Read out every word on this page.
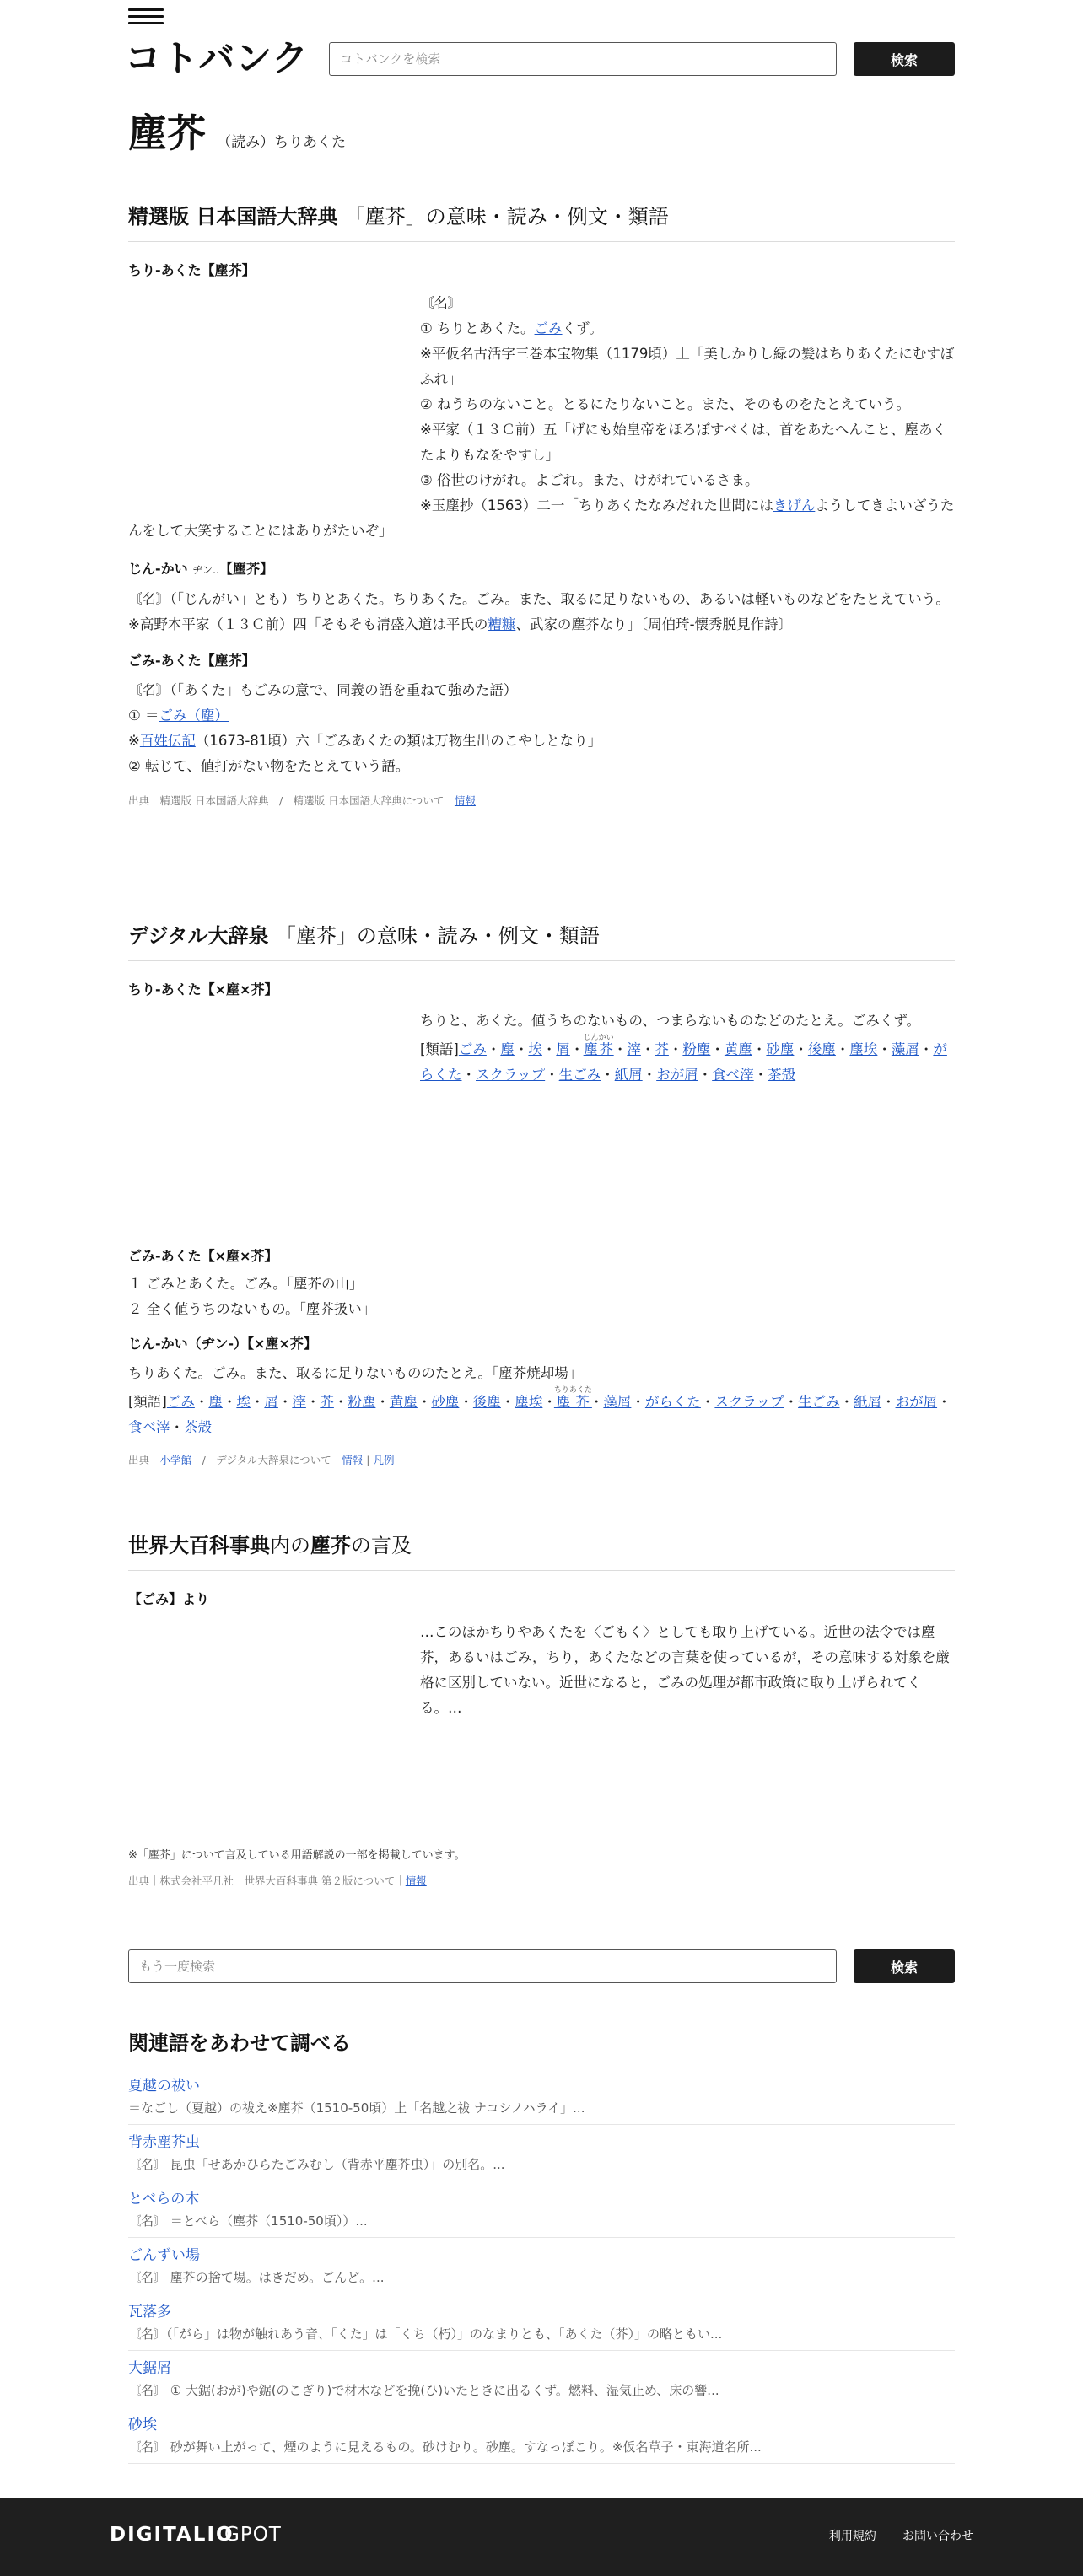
コトバンク
コトバンクを検索	検索
塵芥 （読み）ちりあくた
精選版 日本国語大辞典 「塵芥」の意味・読み・例文・類語

ちり‐あくた【塵芥】

〘名〙

① ちりとあくた。ごみくず。

※平仮名古活字三巻本宝物集（1179頃）上「美しかりし緑の髪はちりあくたにむすぼふれ」

② ねうちのないこと。とるにたりないこと。また、そのものをたとえていう。

※平家（１３Ｃ前）五「げにも始皇帝をほろぼすべくは、首をあたへんこと、塵あくたよりもなをやすし」

③ 俗世のけがれ。よごれ。また、けがれているさま。

※玉塵抄（1563）二一「ちりあくたなみだれた世間にはきげんようしてきよいざうたんをして大笑することにはありがたいぞ」

じん‐かい ヂン‥【塵芥】

〘名〙（「じんがい」とも）ちりとあくた。ちりあくた。ごみ。また、取るに足りないもの、あるいは軽いものなどをたとえていう。

※高野本平家（１３Ｃ前）四「そもそも清盛入道は平氏の糟糠、武家の塵芥なり」〔周伯琦‐懐秀脱見作詩〕

ごみ‐あくた【塵芥】

〘名〙（「あくた」もごみの意で、同義の語を重ねて強めた語）

① ＝ごみ（塵）

※百姓伝記（1673‐81頃）六「ごみあくたの類は万物生出のこやしとなり」

② 転じて、値打がない物をたとえていう語。

出典　精選版 日本国語大辞典　/　精選版 日本国語大辞典について　 情報
デジタル大辞泉 「塵芥」の意味・読み・例文・類語

ちり‐あくた【×塵×芥】

ちりと、あくた。値うちのないもの、つまらないものなどのたとえ。ごみくず。

[類語]ごみ・塵・埃・屑・塵芥じんかい・滓・芥・粉塵・黄塵・砂塵・後塵・塵埃・藻屑・がらくた・スクラップ・生ごみ・紙屑・おが屑・食べ滓・茶殻

ごみ‐あくた【×塵×芥】

１ ごみとあくた。ごみ。「塵芥の山」

２ 全く値うちのないもの。「塵芥扱い」

じん‐かい（ヂン‐）【×塵×芥】

ちりあくた。ごみ。また、取るに足りないもののたとえ。「塵芥焼却場」

[類語]ごみ・塵・埃・屑・滓・芥・粉塵・黄塵・砂塵・後塵・塵埃・塵芥ちりあくた・藻屑・がらくた・スクラップ・生ごみ・紙屑・おが屑・食べ滓・茶殻

出典　 小学館　 /　デジタル大辞泉について　 情報 | 凡例
世界大百科事典内の塵芥の言及

【ごみ】より

…このほかちりやあくたを〈ごもく〉としても取り上げている。近世の法令では塵芥，あるいはごみ，ちり，あくたなどの言葉を使っているが，その意味する対象を厳格に区別していない。近世になると，ごみの処理が都市政策に取り上げられてくる。…

※「塵芥」について言及している用語解説の一部を掲載しています。
出典｜株式会社平凡社　世界大百科事典 第２版について｜情報
もう一度検索
検索
関連語をあわせて調べる
夏越の祓い
＝なごし（夏越）の祓え※塵芥（1510‐50頃）上「名越之祓 ナコシノハライ」...
背赤塵芥虫
〘名〙 昆虫「せあかひらたごみむし（背赤平塵芥虫）」の別名。...
とべらの木
〘名〙 ＝とべら（塵芥（1510‐50頃））...
ごんずい場
〘名〙 塵芥の捨て場。はきだめ。ごんど。...
瓦落多
〘名〙（「がら」は物が触れあう音、「くた」は「くち（朽）」のなまりとも、「あくた（芥）」の略ともい...
大鋸屑
〘名〙 ① 大鋸(おが)や鋸(のこぎり)で材木などを挽(ひ)いたときに出るくず。燃料、湿気止め、床の響...
砂埃
〘名〙 砂が舞い上がって、煙のように見えるもの。砂けむり。砂塵。すなっぼこり。※仮名草子・東海道名所...
DIGITALIO
GPOT	利用規約 お問い合わせ
